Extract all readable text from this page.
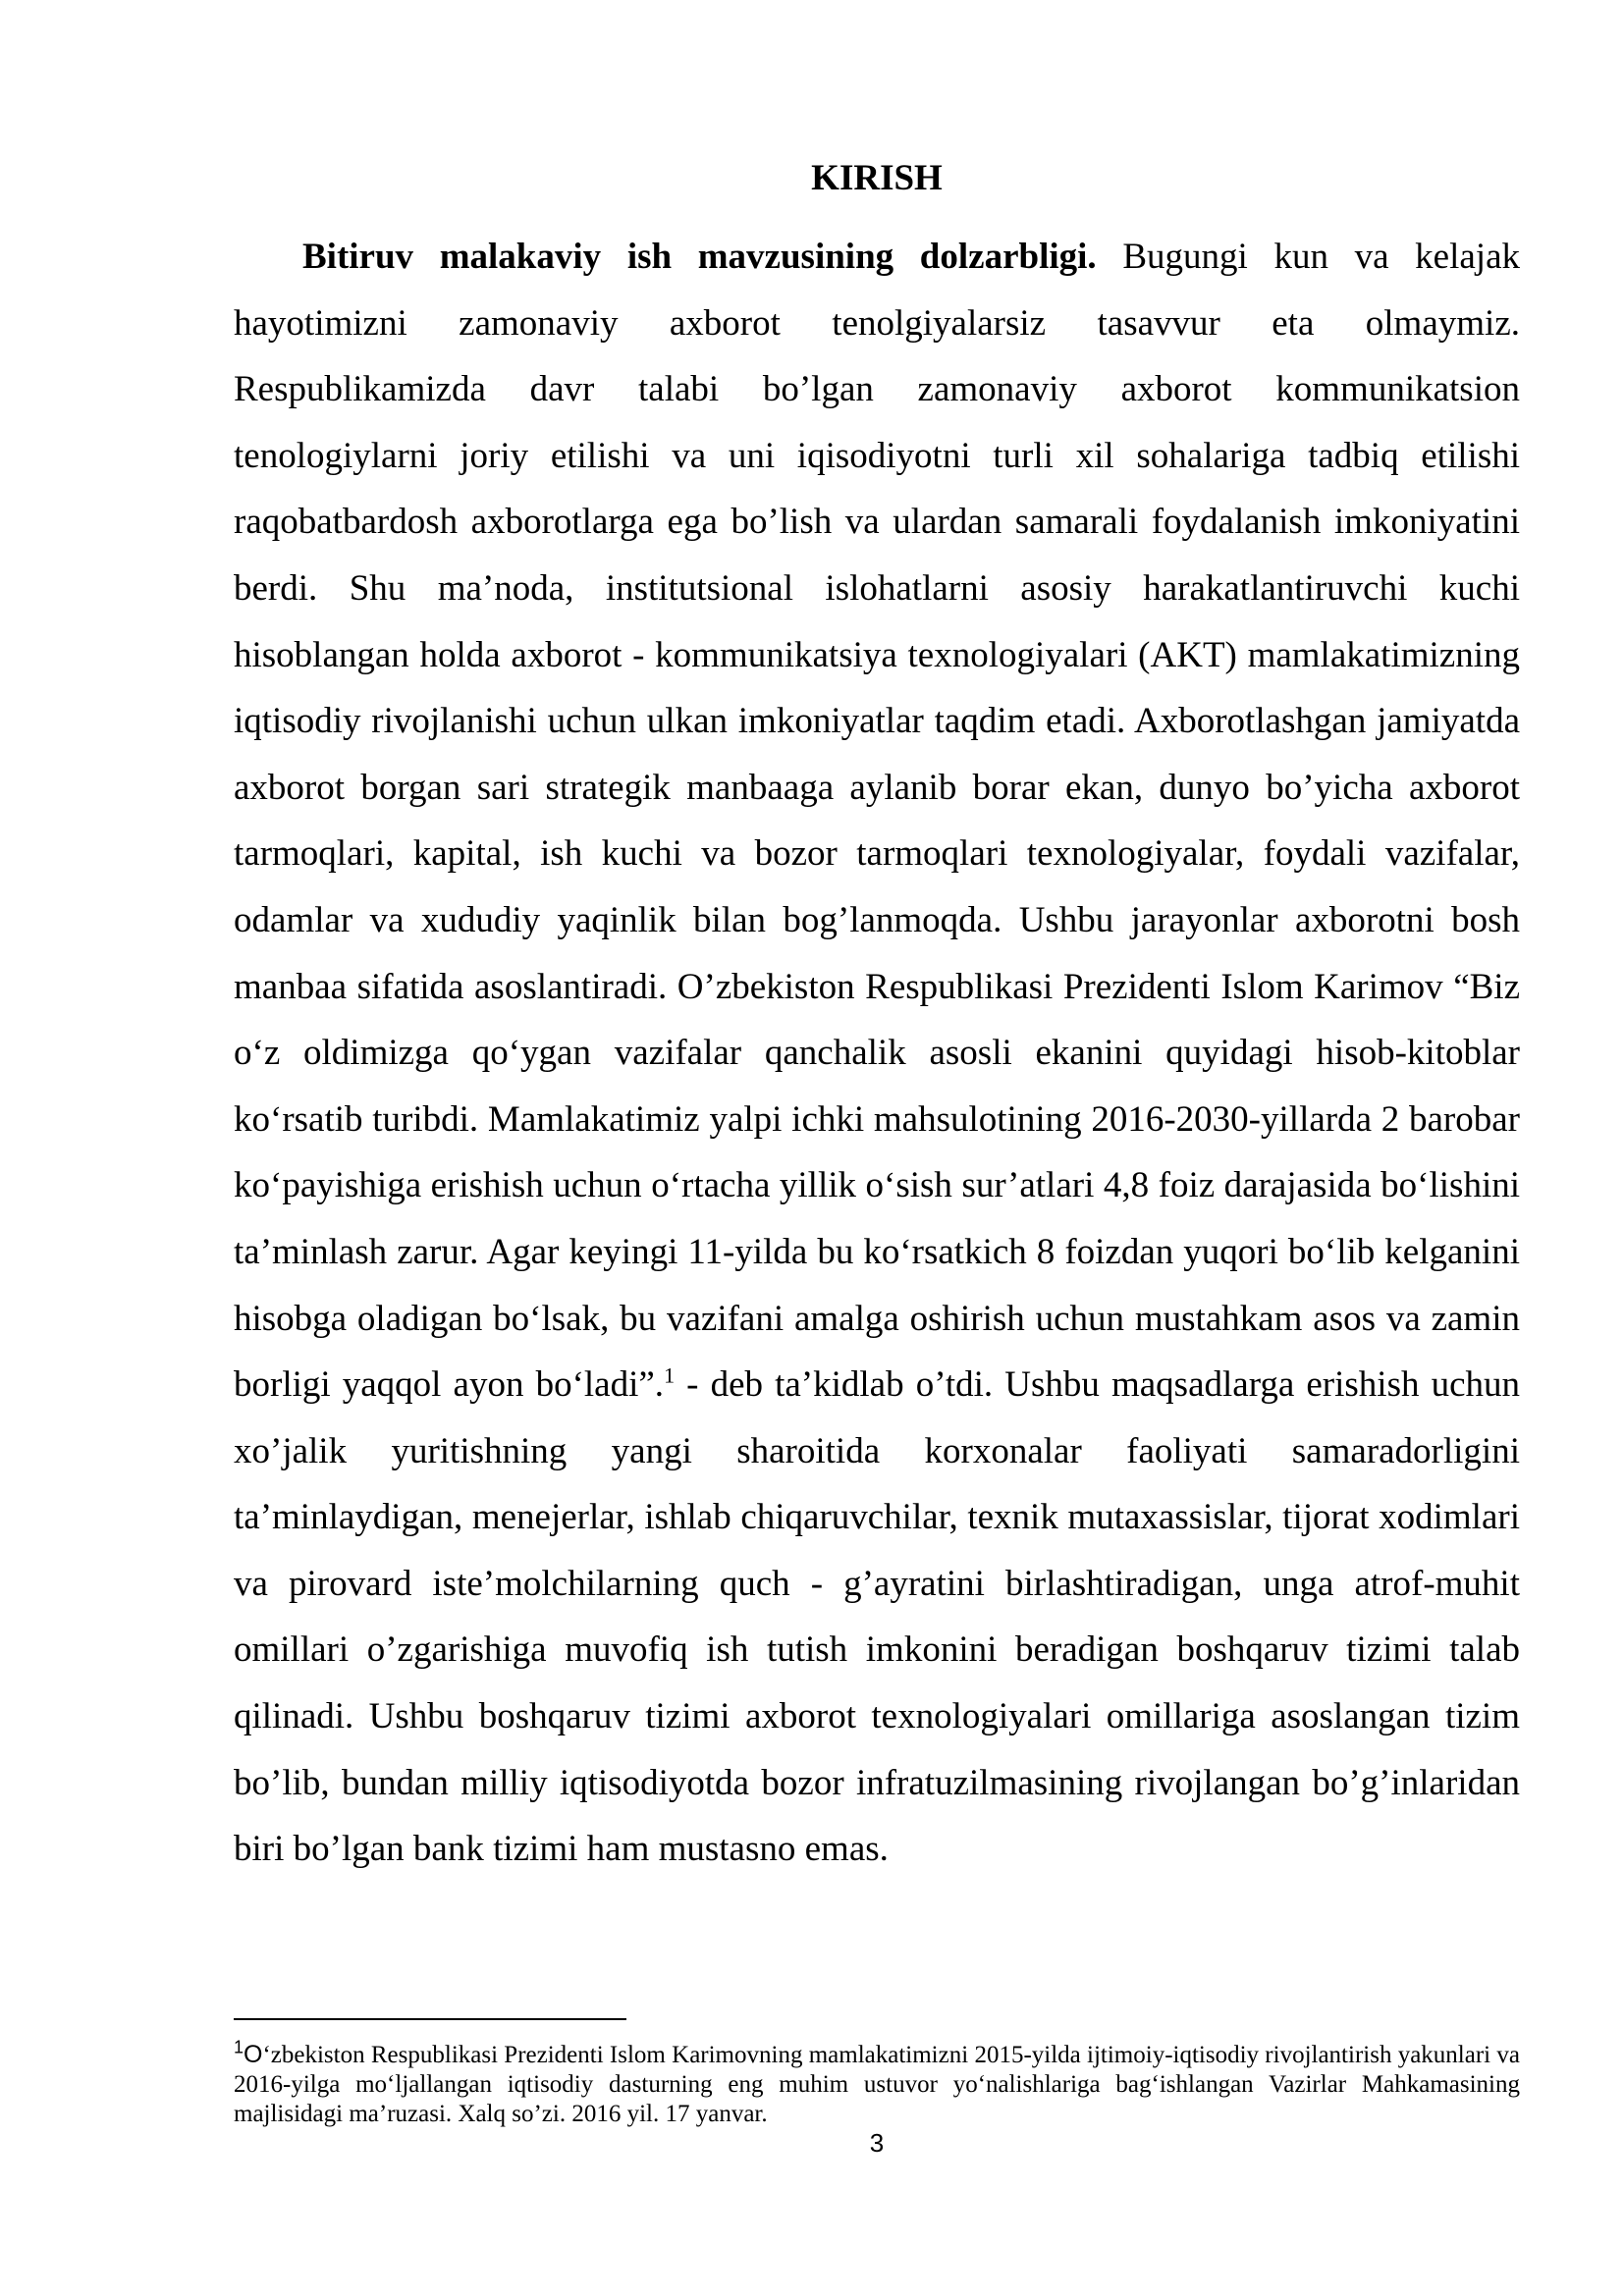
KIRISH

Bitiruv malakaviy ish mavzusining dolzarbligi. Bugungi kun va kelajak hayotimizni zamonaviy axborot tenolgiyalarsiz tasavvur eta olmaymiz. Respublikamizda davr talabi bo’lgan zamonaviy axborot kommunikatsion tenologiylarni joriy etilishi va uni iqisodiyotni turli xil sohalariga tadbiq etilishi raqobatbardosh axborotlarga ega bo’lish va ulardan samarali foydalanish imkoniyatini berdi. Shu ma’noda, institutsional islohatlarni asosiy harakatlantiruvchi kuchi hisoblangan holda axborot - kommunikatsiya texnologiyalari (AKT) mamlakatimizning iqtisodiy rivojlanishi uchun ulkan imkoniyatlar taqdim etadi. Axborotlashgan jamiyatda axborot borgan sari strategik manbaaga aylanib borar ekan, dunyo bo’yicha axborot tarmoqlari, kapital, ish kuchi va bozor tarmoqlari texnologiyalar, foydali vazifalar, odamlar va xududiy yaqinlik bilan bog’lanmoqda. Ushbu jarayonlar axborotni bosh manbaa sifatida asoslantiradi. O’zbekiston Respublikasi Prezidenti Islom Karimov “Biz o‘z oldimizga qo‘ygan vazifalar qanchalik asosli ekanini quyidagi hisob-kitoblar ko‘rsatib turibdi. Mamlakatimiz yalpi ichki mahsulotining 2016-2030-yillarda 2 barobar ko‘payishiga erishish uchun o‘rtacha yillik o‘sish sur’atlari 4,8 foiz darajasida bo‘lishini ta’minlash zarur. Agar keyingi 11-yilda bu ko‘rsatkich 8 foizdan yuqori bo‘lib kelganini hisobga oladigan bo‘lsak, bu vazifani amalga oshirish uchun mustahkam asos va zamin borligi yaqqol ayon bo‘ladi”.$^1$ - deb ta’kidlab o’tdi. Ushbu maqsadlarga erishish uchun xo’jalik yuritishning yangi sharoitida korxonalar faoliyati samaradorligini ta’minlaydigan, menejerlar, ishlab chiqaruvchilar, texnik mutaxassislar, tijorat xodimlari va pirovard iste’molchilarning quch - g’ayratini birlashtiradigan, unga atrof-muhit omillari o’zgarishiga muvofiq ish tutish imkonini beradigan boshqaruv tizimi talab qilinadi. Ushbu boshqaruv tizimi axborot texnologiyalari omillariga asoslangan tizim bo’lib, bundan milliy iqtisodiyotda bozor infratuzilmasining rivojlangan bo’g’inlaridan biri bo’lgan bank tizimi ham mustasno emas.

$^1$O‘zbekiston Respublikasi Prezidenti Islom Karimovning mamlakatimizni 2015-yilda ijtimoiy-iqtisodiy rivojlantirish yakunlari va 2016-yilga mo‘ljallangan iqtisodiy dasturning eng muhim ustuvor yo‘nalishlariga bag‘ishlangan Vazirlar Mahkamasining majlisidagi ma’ruzasi. Xalq so’zi. 2016 yil. 17 yanvar.

3
